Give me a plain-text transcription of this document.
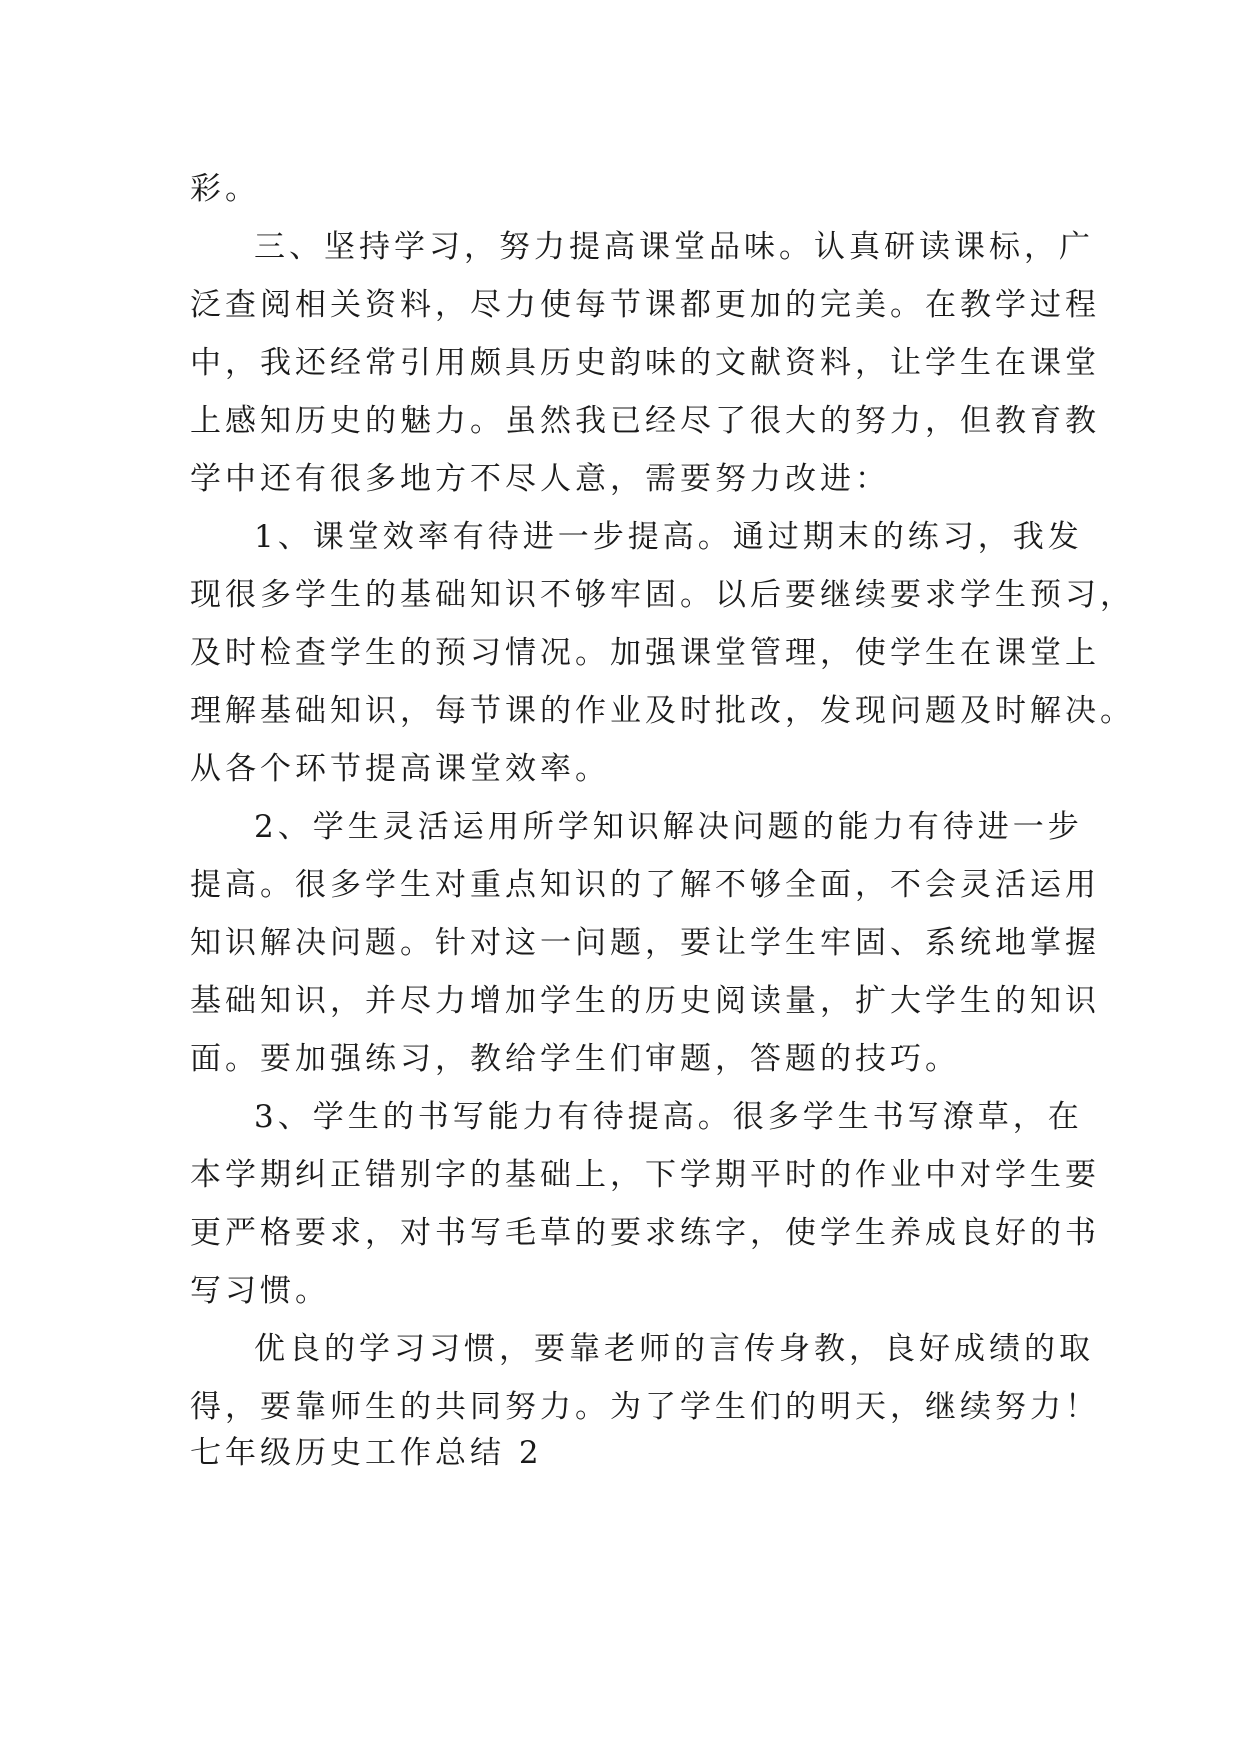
彩。

三、坚持学习，努力提高课堂品味。认真研读课标，广

泛查阅相关资料，尽力使每节课都更加的完美。在教学过程

中，我还经常引用颇具历史韵味的文献资料，让学生在课堂

上感知历史的魅力。虽然我已经尽了很大的努力，但教育教

学中还有很多地方不尽人意，需要努力改进：

1、课堂效率有待进一步提高。通过期末的练习，我发

现很多学生的基础知识不够牢固。以后要继续要求学生预习，

及时检查学生的预习情况。加强课堂管理，使学生在课堂上

理解基础知识，每节课的作业及时批改，发现问题及时解决。

从各个环节提高课堂效率。

2、学生灵活运用所学知识解决问题的能力有待进一步

提高。很多学生对重点知识的了解不够全面，不会灵活运用

知识解决问题。针对这一问题，要让学生牢固、系统地掌握

基础知识，并尽力增加学生的历史阅读量，扩大学生的知识

面。要加强练习，教给学生们审题，答题的技巧。

3、学生的书写能力有待提高。很多学生书写潦草，在

本学期纠正错别字的基础上，下学期平时的作业中对学生要

更严格要求，对书写毛草的要求练字，使学生养成良好的书

写习惯。

优良的学习习惯，要靠老师的言传身教，良好成绩的取

得，要靠师生的共同努力。为了学生们的明天，继续努力！

七年级历史工作总结 2
